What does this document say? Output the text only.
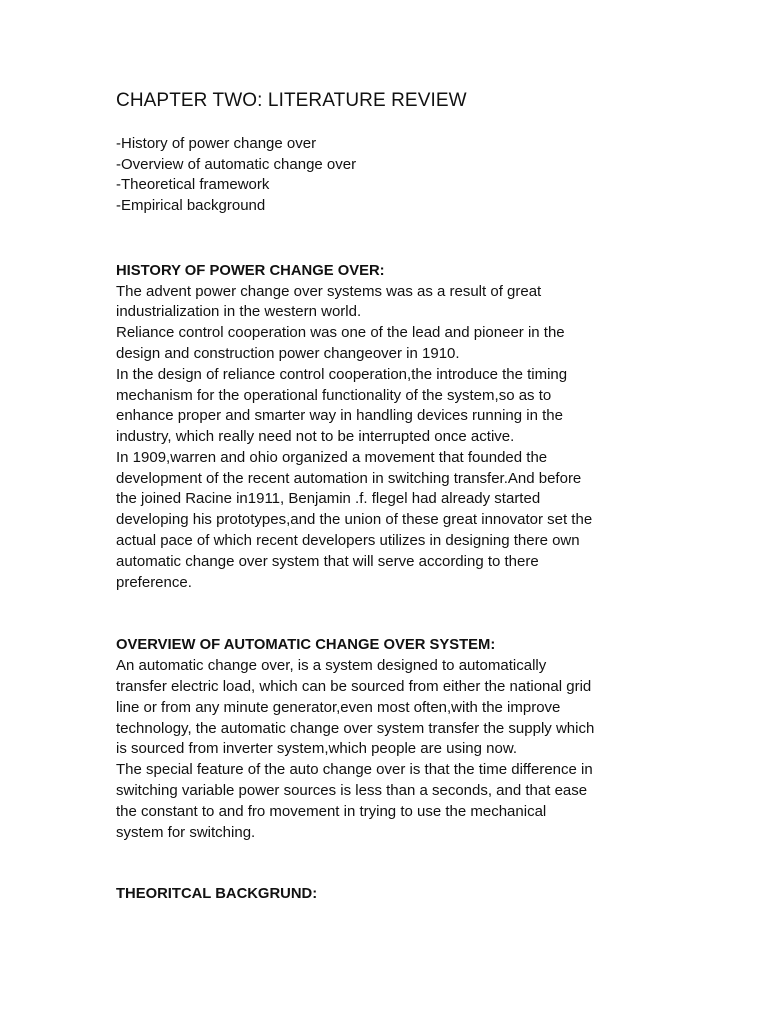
CHAPTER TWO: LITERATURE REVIEW
-History of power change over
-Overview of automatic change over
-Theoretical framework
-Empirical background
HISTORY OF POWER CHANGE OVER:

The advent power change over systems was as a result of great
industrialization in the western world.

Reliance control cooperation was one of the lead and pioneer in the
design and construction power changeover in 1910.

In the design of reliance control cooperation,the introduce the timing
mechanism for the operational functionality of the system,so as to
enhance proper and smarter way in handling devices running in the
industry, which really need not to be interrupted once active.

In 1909,warren and ohio organized a movement that founded the
development of the recent automation in switching transfer.And before
the joined Racine in1911, Benjamin .f. flegel had already started
developing his prototypes,and the union of these great innovator set the
actual pace of which recent developers utilizes in designing there own
automatic change over system that will serve according to there
preference.

OVERVIEW OF AUTOMATIC CHANGE OVER SYSTEM:

An automatic change over, is a system designed to automatically
transfer electric load, which can be sourced from either the national grid
line or from any minute generator,even most often,with the improve
technology, the automatic change over system transfer the supply which
is sourced from inverter system,which people are using now.

The special feature of the auto change over is that the time difference in
switching variable power sources is less than a seconds, and that ease
the constant to and fro movement in trying to use the mechanical
system for switching.

THEORITCAL BACKGRUND:
